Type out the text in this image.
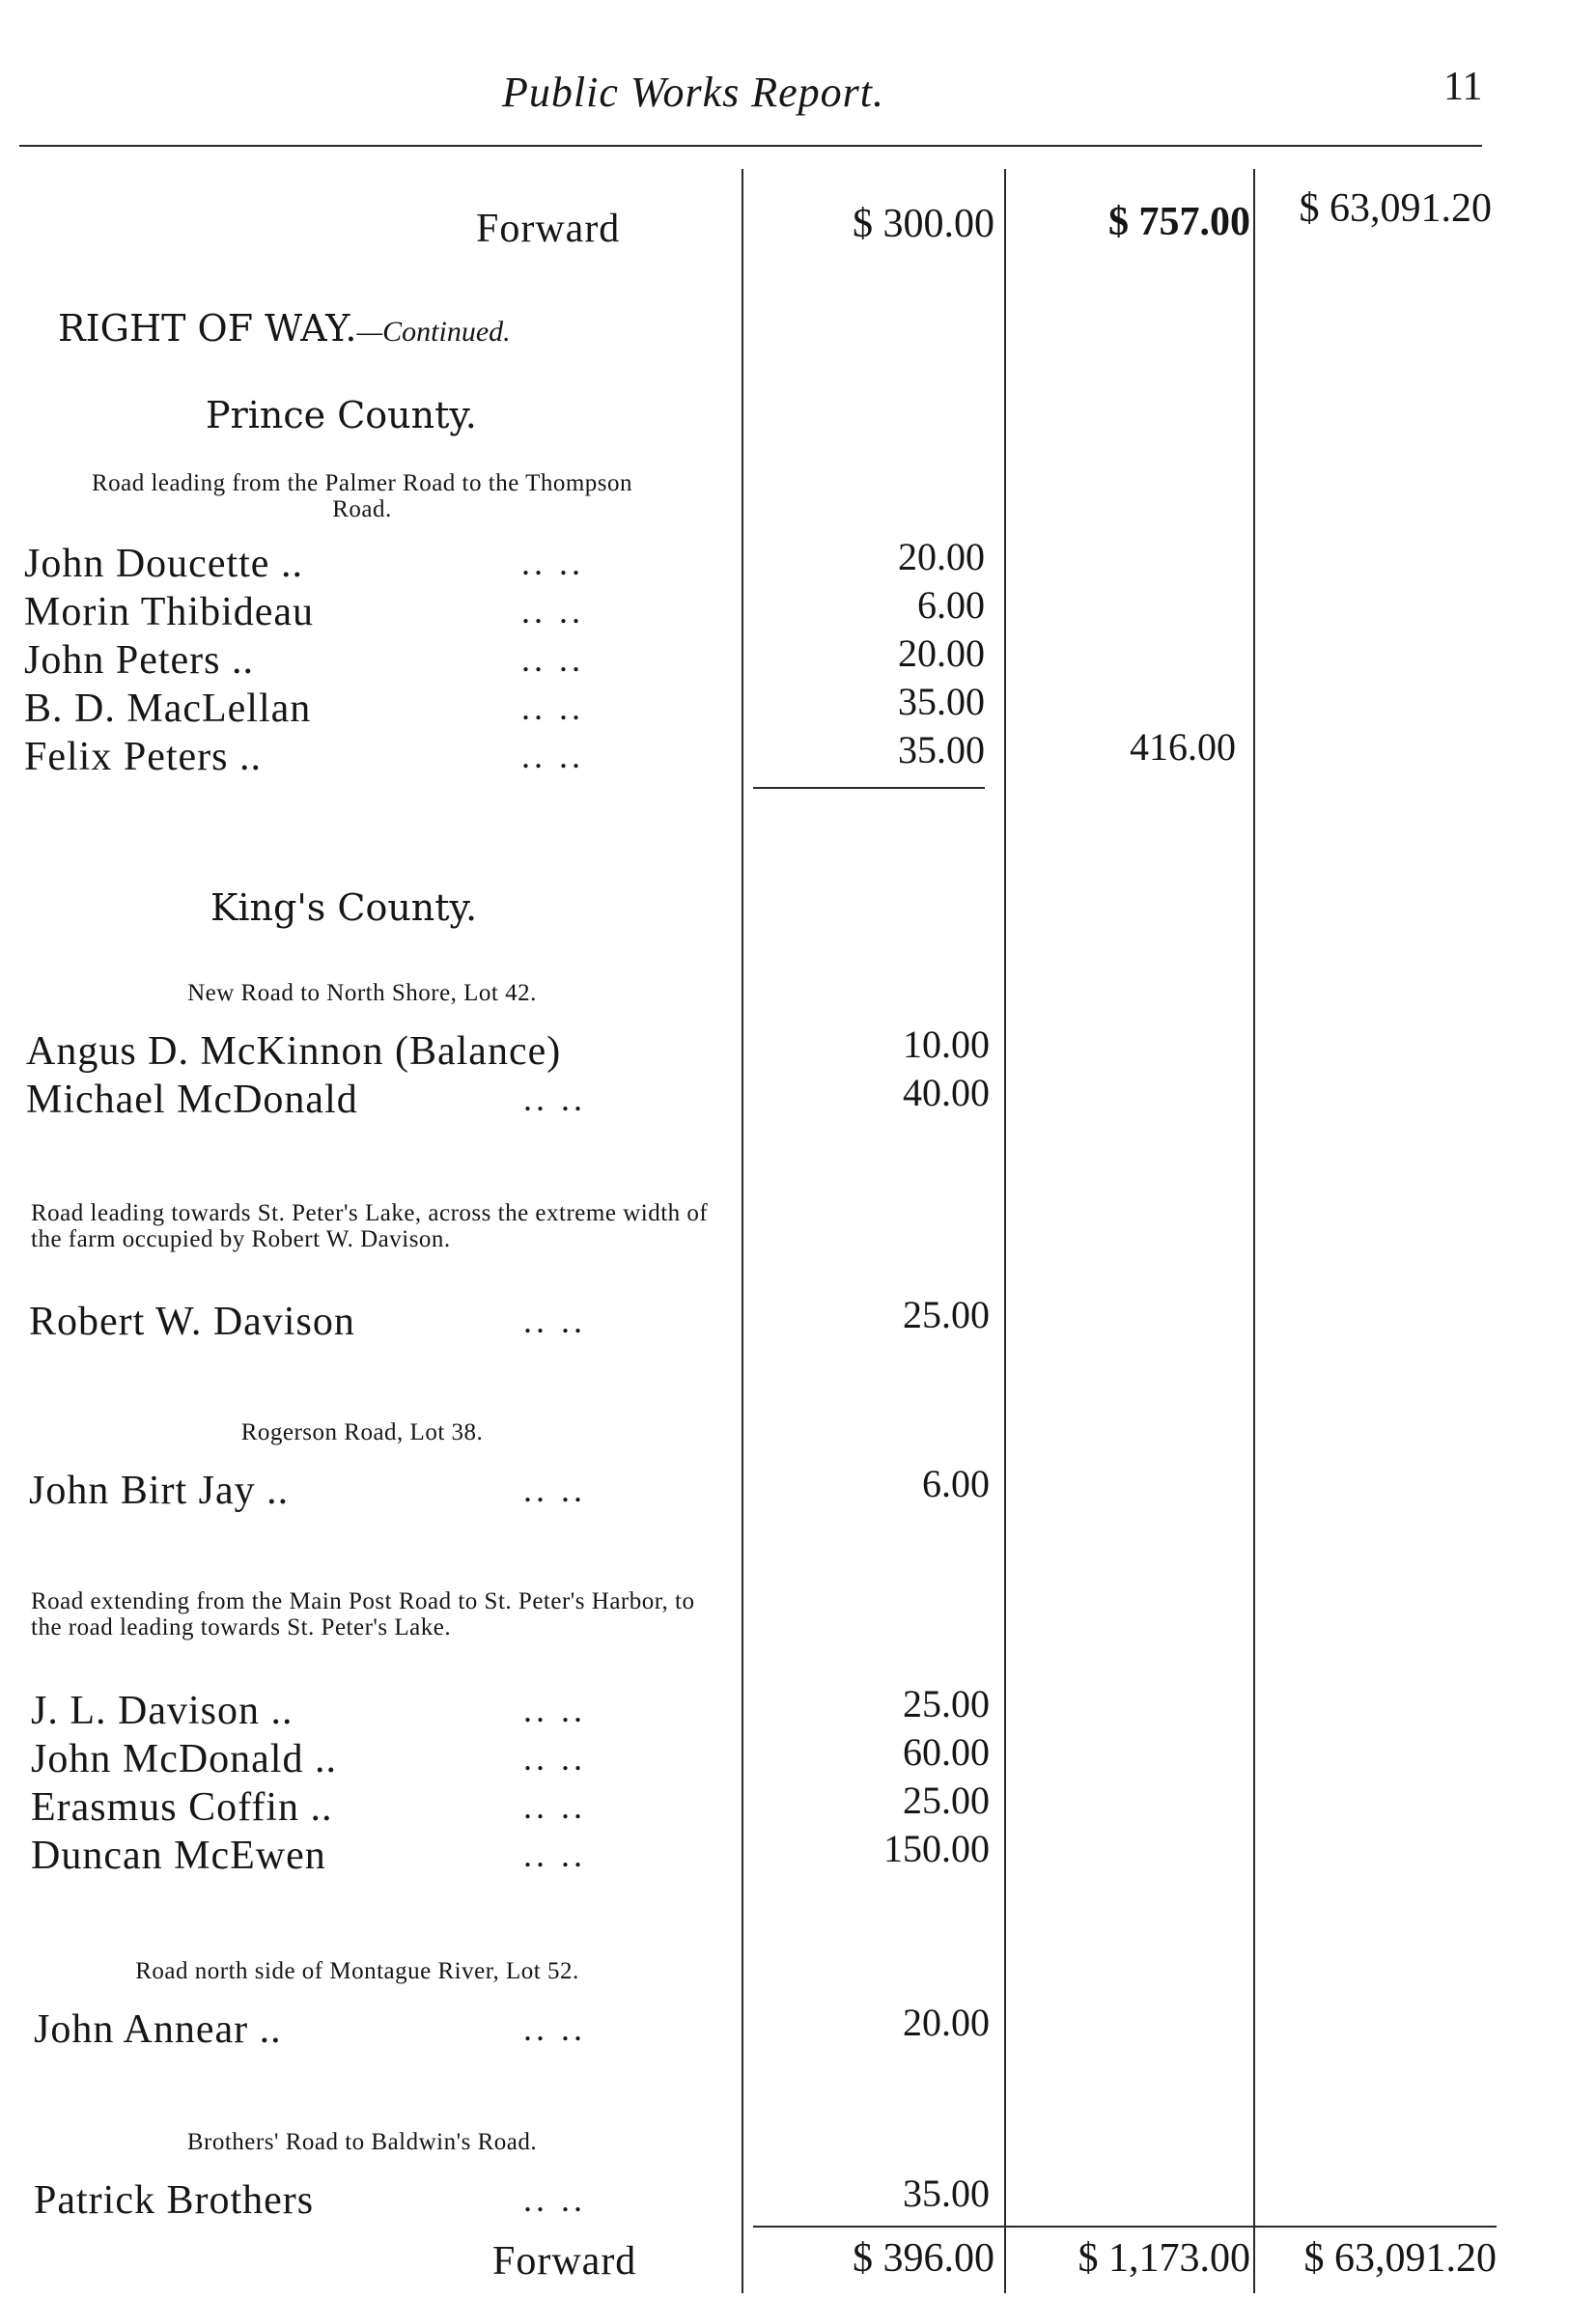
Public Works Report.	11
Forward	$ 300.00	$ 757.00	$ 63,091.20
RIGHT OF WAY.—Continued.
Prince County.
Road leading from the Palmer Road to the Thompson Road.
John Doucette ..	.. ..	20.00
Morin Thibideau	.. ..	6.00
John Peters ..	.. ..	20.00
B. D. MacLellan	.. ..	35.00
Felix Peters ..	.. ..	35.00	416.00
King's County.
New Road to North Shore, Lot 42.
Angus D. McKinnon (Balance)	10.00
Michael McDonald	.. ..	40.00
Road leading towards St. Peter's Lake, across the extreme width of the farm occupied by Robert W. Davison.
Robert W. Davison	.. ..	25.00
Rogerson Road, Lot 38.
John Birt Jay ..	.. ..	6.00
Road extending from the Main Post Road to St. Peter's Harbor, to the road leading towards St. Peter's Lake.
J. L. Davison ..	.. ..	25.00
John McDonald ..	.. ..	60.00
Erasmus Coffin ..	.. ..	25.00
Duncan McEwen	.. ..	150.00
Road north side of Montague River, Lot 52.
John Annear ..	.. ..	20.00
Brothers' Road to Baldwin's Road.
Patrick Brothers	.. ..	35.00
Forward	$ 396.00	$ 1,173.00	$ 63,091.20
